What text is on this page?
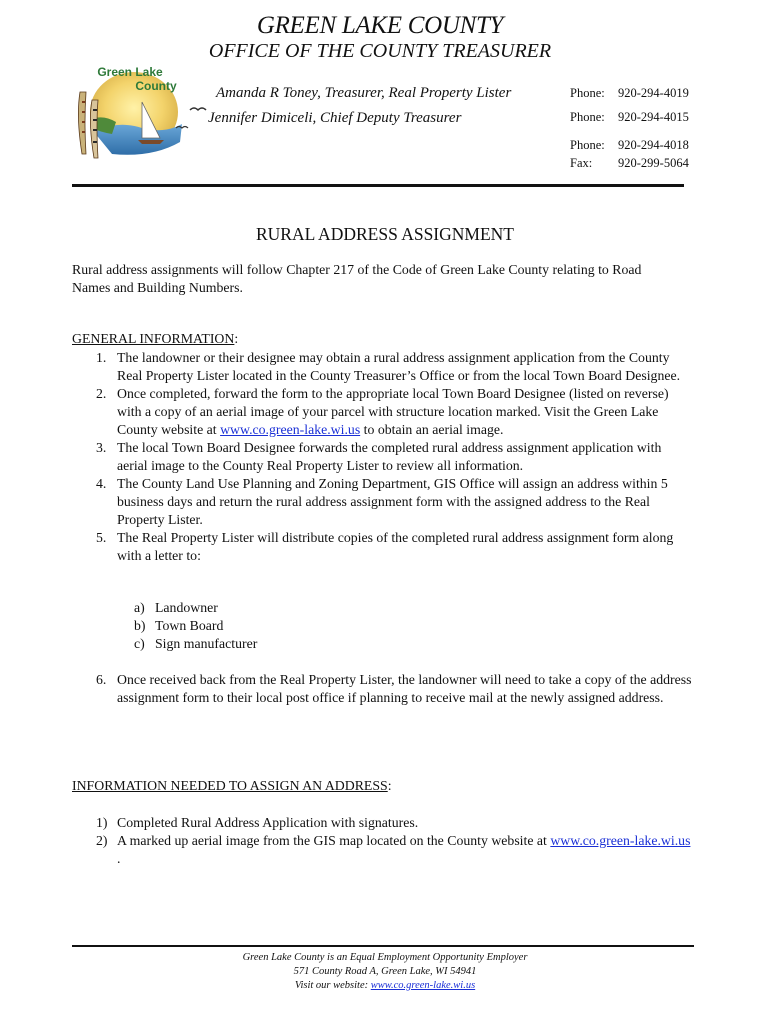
GREEN LAKE COUNTY
OFFICE OF THE COUNTY TREASURER
Green Lake
County	Amanda R Toney, Treasurer, Real Property Lister
Jennifer Dimiceli, Chief Deputy Treasurer
Phone: 920-294-4019
Phone: 920-294-4015
Phone: 920-294-4018
Fax: 920-299-5064
RURAL ADDRESS ASSIGNMENT
Rural address assignments will follow Chapter 217 of the Code of Green Lake County relating to Road Names and Building Numbers.
GENERAL INFORMATION:
1. The landowner or their designee may obtain a rural address assignment application from the County Real Property Lister located in the County Treasurer’s Office or from the local Town Board Designee.
2. Once completed, forward the form to the appropriate local Town Board Designee (listed on reverse) with a copy of an aerial image of your parcel with structure location marked. Visit the Green Lake County website at www.co.green-lake.wi.us to obtain an aerial image.
3. The local Town Board Designee forwards the completed rural address assignment application with aerial image to the County Real Property Lister to review all information.
4. The County Land Use Planning and Zoning Department, GIS Office will assign an address within 5 business days and return the rural address assignment form with the assigned address to the Real Property Lister.
5. The Real Property Lister will distribute copies of the completed rural address assignment form along with a letter to:
a) Landowner
b) Town Board
c) Sign manufacturer
6. Once received back from the Real Property Lister, the landowner will need to take a copy of the address assignment form to their local post office if planning to receive mail at the newly assigned address.
INFORMATION NEEDED TO ASSIGN AN ADDRESS:
1) Completed Rural Address Application with signatures.
2) A marked up aerial image from the GIS map located on the County website at www.co.green-lake.wi.us .
Green Lake County is an Equal Employment Opportunity Employer
571 County Road A, Green Lake, WI 54941
Visit our website: www.co.green-lake.wi.us
